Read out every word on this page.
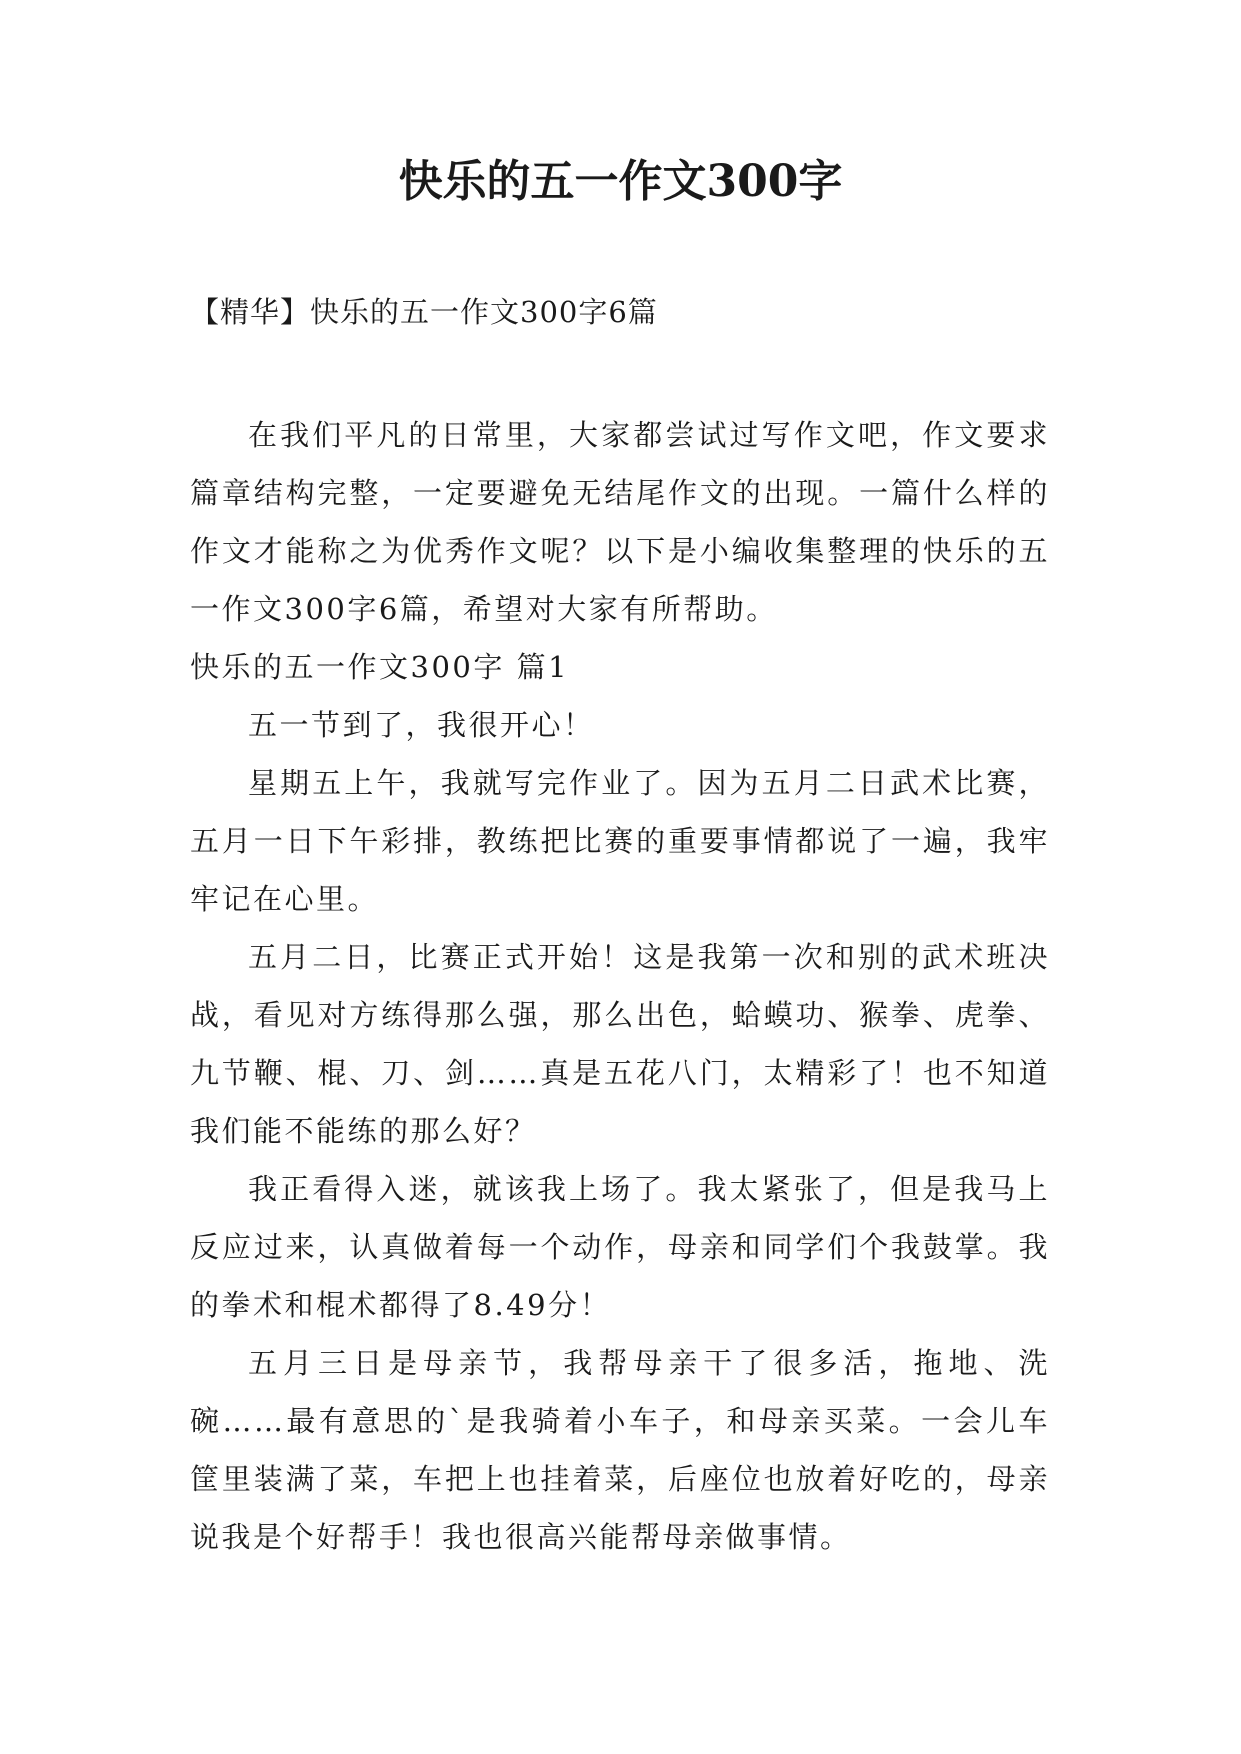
快乐的五一作文300字
【精华】快乐的五一作文300字6篇

在我们平凡的日常里，大家都尝试过写作文吧，作文要求篇章结构完整，一定要避免无结尾作文的出现。一篇什么样的作文才能称之为优秀作文呢？以下是小编收集整理的快乐的五一作文300字6篇，希望对大家有所帮助。

快乐的五一作文300字 篇1

五一节到了，我很开心！

星期五上午，我就写完作业了。因为五月二日武术比赛，五月一日下午彩排，教练把比赛的重要事情都说了一遍，我牢牢记在心里。

五月二日，比赛正式开始！这是我第一次和别的武术班决战，看见对方练得那么强，那么出色，蛤蟆功、猴拳、虎拳、九节鞭、棍、刀、剑……真是五花八门，太精彩了！也不知道我们能不能练的那么好？

我正看得入迷，就该我上场了。我太紧张了，但是我马上反应过来，认真做着每一个动作，母亲和同学们个我鼓掌。我的拳术和棍术都得了8.49分！

五月三日是母亲节，我帮母亲干了很多活，拖地、洗碗……最有意思的`是我骑着小车子，和母亲买菜。一会儿车筐里装满了菜，车把上也挂着菜，后座位也放着好吃的，母亲说我是个好帮手！我也很高兴能帮母亲做事情。
